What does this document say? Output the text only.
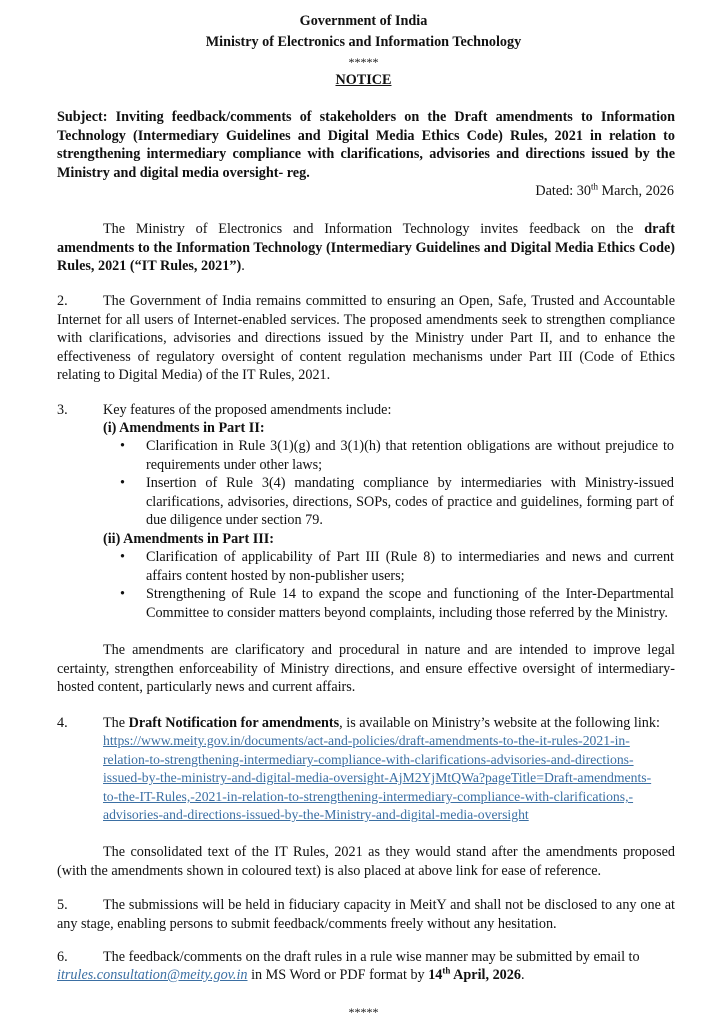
Government of India
Ministry of Electronics and Information Technology
*****
NOTICE
Subject: Inviting feedback/comments of stakeholders on the Draft amendments to Information Technology (Intermediary Guidelines and Digital Media Ethics Code) Rules, 2021 in relation to strengthening intermediary compliance with clarifications, advisories and directions issued by the Ministry and digital media oversight- reg.
Dated: 30th March, 2026
The Ministry of Electronics and Information Technology invites feedback on the draft amendments to the Information Technology (Intermediary Guidelines and Digital Media Ethics Code) Rules, 2021 (“IT Rules, 2021”).
2.	The Government of India remains committed to ensuring an Open, Safe, Trusted and Accountable Internet for all users of Internet-enabled services. The proposed amendments seek to strengthen compliance with clarifications, advisories and directions issued by the Ministry under Part II, and to enhance the effectiveness of regulatory oversight of content regulation mechanisms under Part III (Code of Ethics relating to Digital Media) of the IT Rules, 2021.
3. Key features of the proposed amendments include:
(i) Amendments in Part II:
• Clarification in Rule 3(1)(g) and 3(1)(h) that retention obligations are without prejudice to requirements under other laws;
• Insertion of Rule 3(4) mandating compliance by intermediaries with Ministry-issued clarifications, advisories, directions, SOPs, codes of practice and guidelines, forming part of due diligence under section 79.
(ii) Amendments in Part III:
• Clarification of applicability of Part III (Rule 8) to intermediaries and news and current affairs content hosted by non-publisher users;
• Strengthening of Rule 14 to expand the scope and functioning of the Inter-Departmental Committee to consider matters beyond complaints, including those referred by the Ministry.
The amendments are clarificatory and procedural in nature and are intended to improve legal certainty, strengthen enforceability of Ministry directions, and ensure effective oversight of intermediary-hosted content, particularly news and current affairs.
4. The Draft Notification for amendments, is available on Ministry’s website at the following link:
https://www.meity.gov.in/documents/act-and-policies/draft-amendments-to-the-it-rules-2021-in-
relation-to-strengthening-intermediary-compliance-with-clarifications-advisories-and-directions-
issued-by-the-ministry-and-digital-media-oversight-AjM2YjMtQWa?pageTitle=Draft-amendments-
to-the-IT-Rules,-2021-in-relation-to-strengthening-intermediary-compliance-with-clarifications,-
advisories-and-directions-issued-by-the-Ministry-and-digital-media-oversight
The consolidated text of the IT Rules, 2021 as they would stand after the amendments proposed (with the amendments shown in coloured text) is also placed at above link for ease of reference.
5.	The submissions will be held in fiduciary capacity in MeitY and shall not be disclosed to any one at any stage, enabling persons to submit feedback/comments freely without any hesitation.
6.	The feedback/comments on the draft rules in a rule wise manner may be submitted by email to
itrules.consultation@meity.gov.in in MS Word or PDF format by 14th April, 2026.
*****
